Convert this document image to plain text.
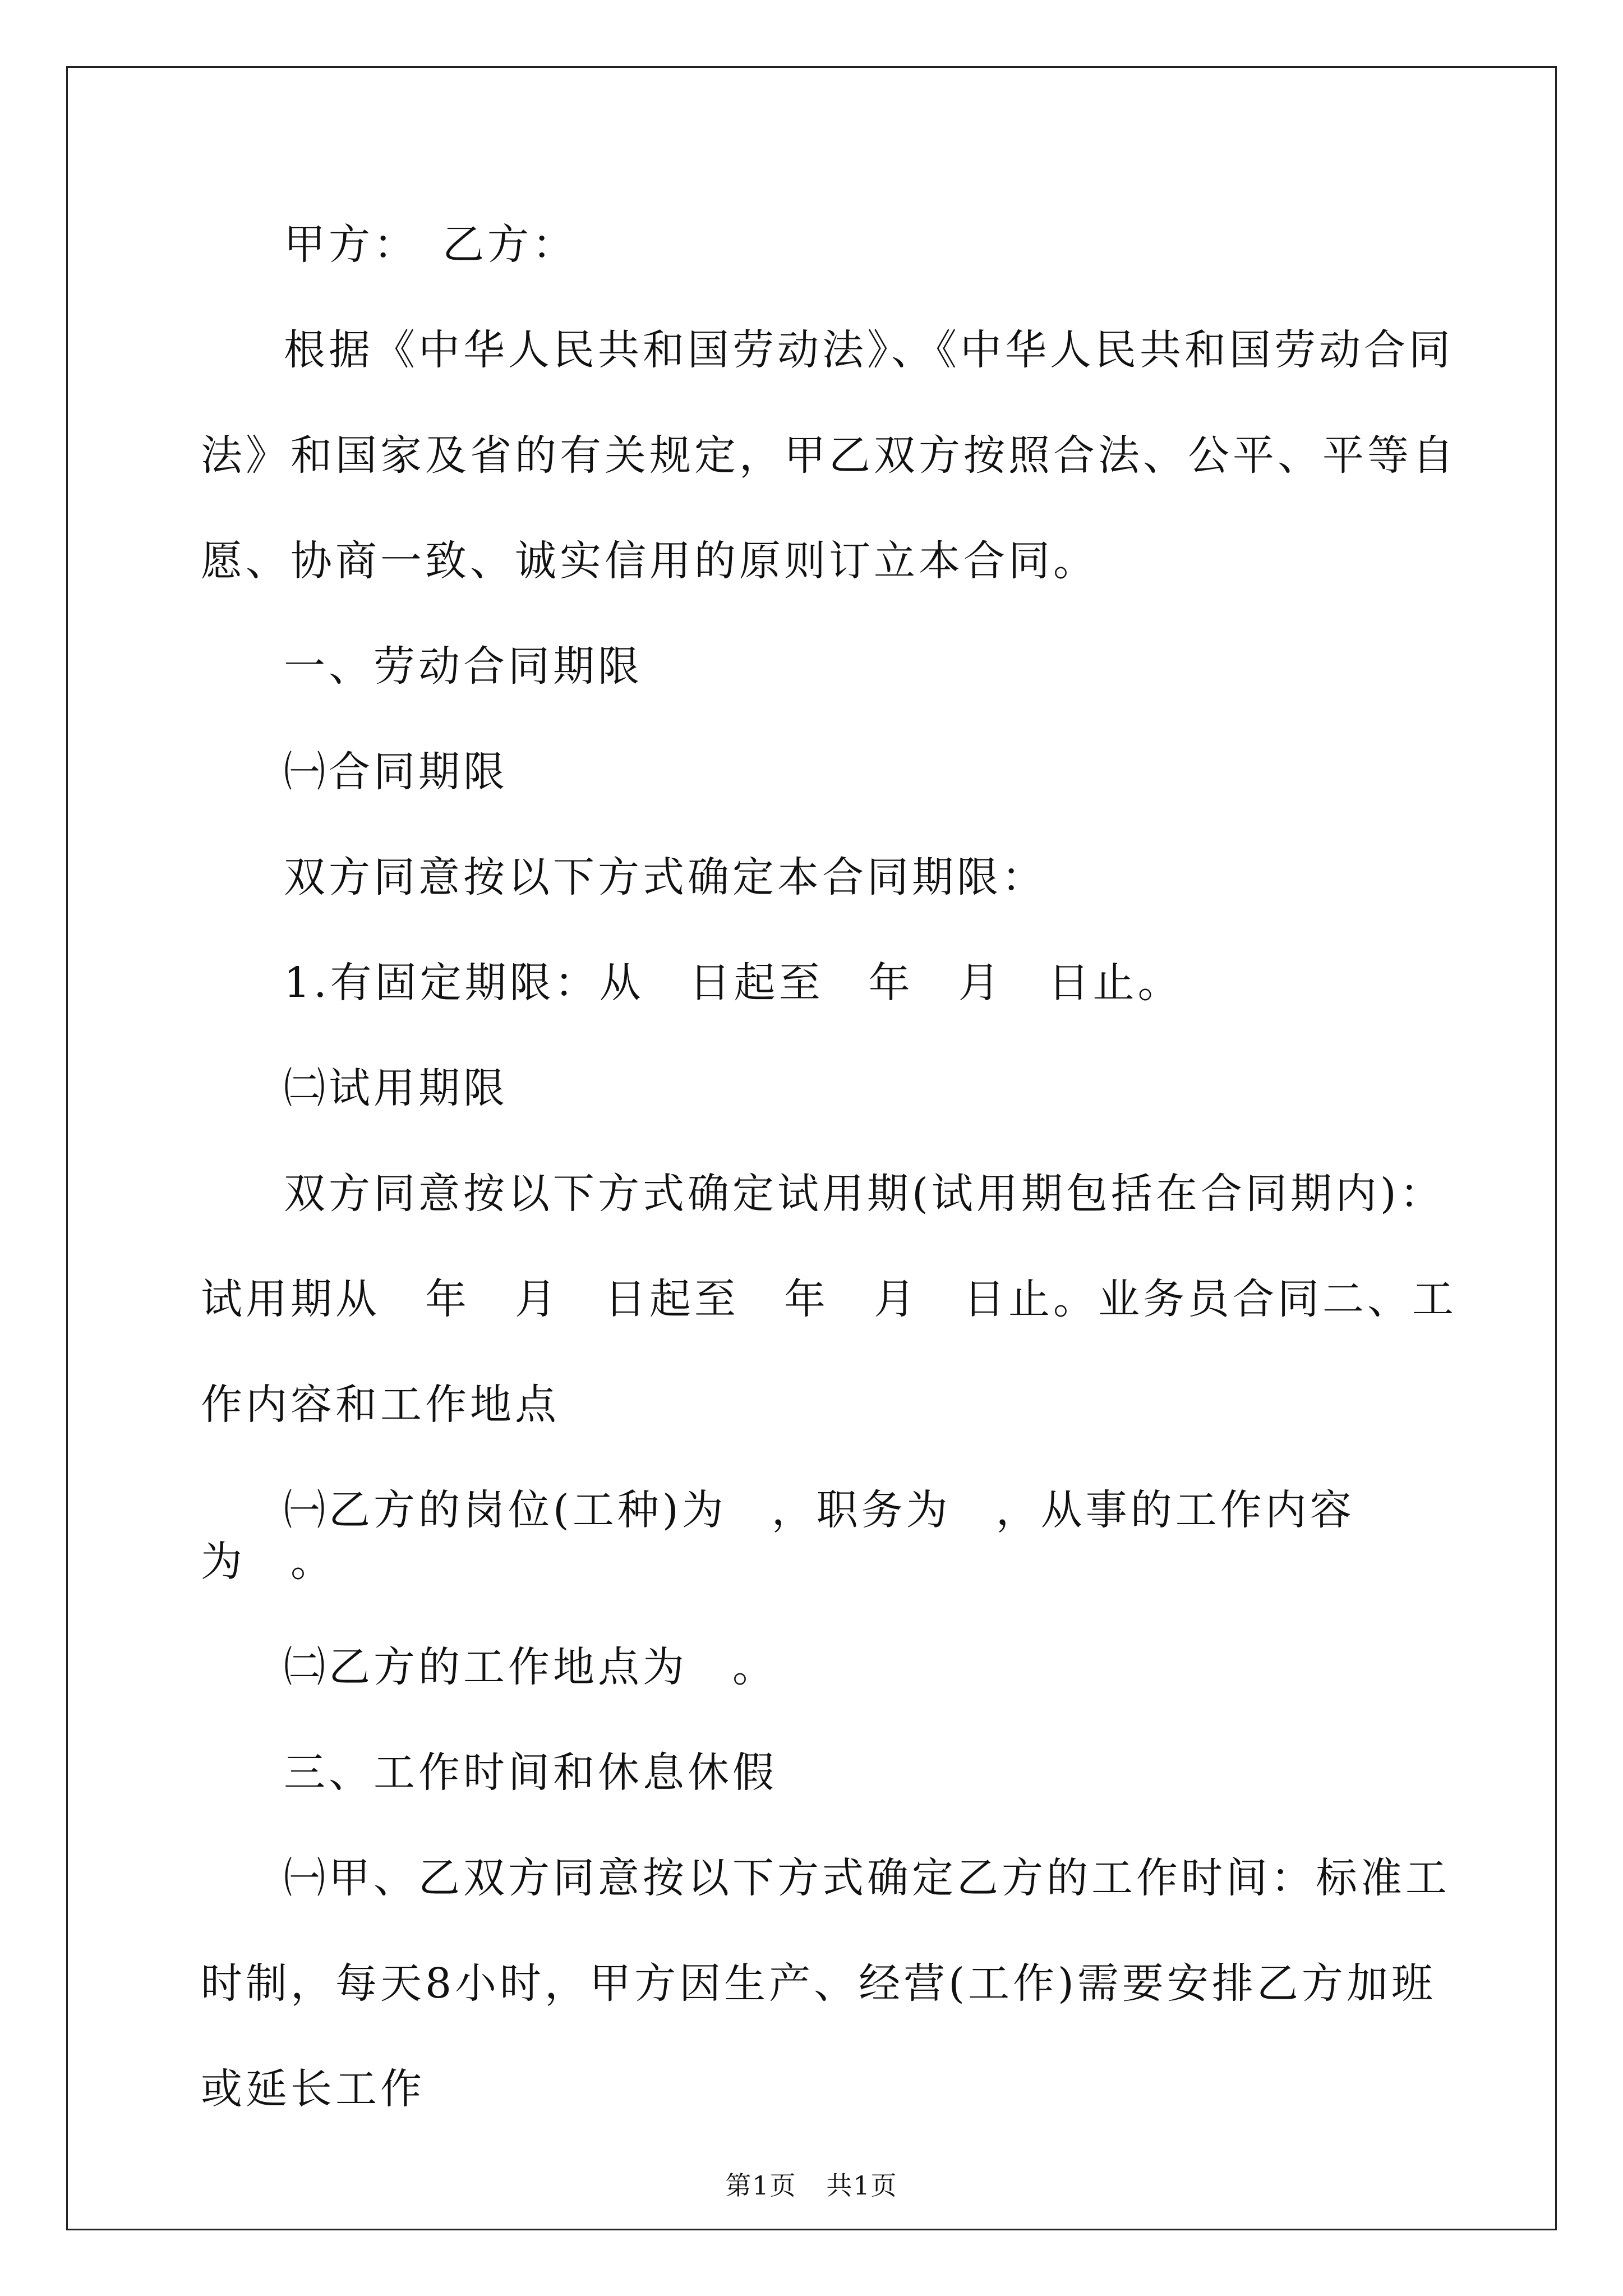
甲方：　乙方：

根据《中华人民共和国劳动法》、《中华人民共和国劳动合同法》和国家及省的有关规定，甲乙双方按照合法、公平、平等自愿、协商一致、诚实信用的原则订立本合同。

一、劳动合同期限

㈠合同期限

双方同意按以下方式确定本合同期限：

1.有固定期限：从　日起至　年　月　日止。

㈡试用期限

双方同意按以下方式确定试用期(试用期包括在合同期内)：试用期从　年　月　日起至　年　月　日止。业务员合同二、工作内容和工作地点

㈠乙方的岗位(工种)为　，职务为　，从事的工作内容为　。

㈡乙方的工作地点为　。

三、工作时间和休息休假

㈠甲、乙双方同意按以下方式确定乙方的工作时间：标准工时制，每天8小时，甲方因生产、经营(工作)需要安排乙方加班或延长工作

第1页 共1页
